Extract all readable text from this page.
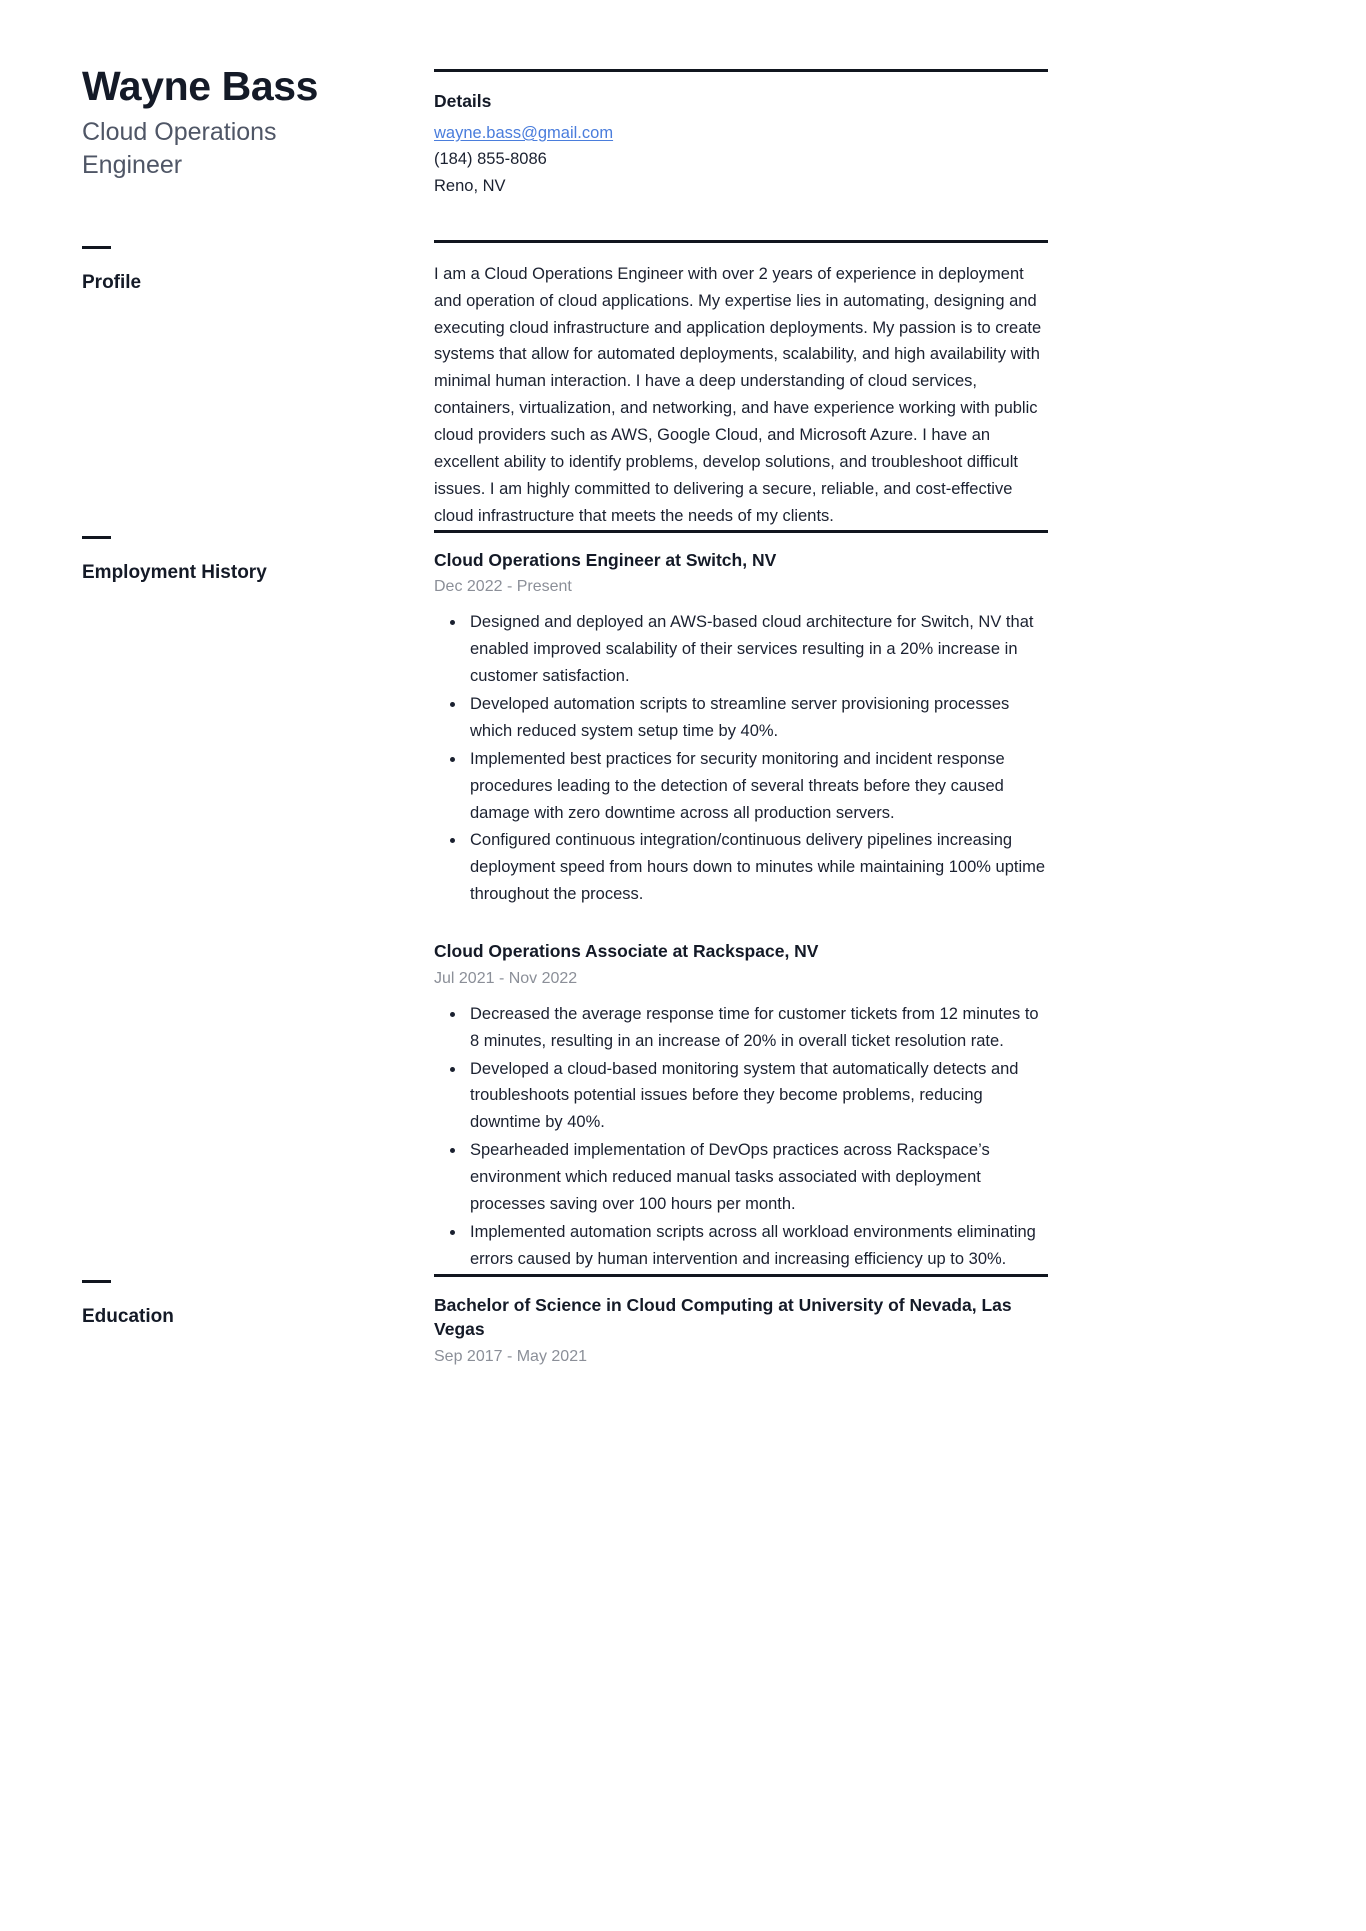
Wayne Bass

Cloud Operations Engineer

Details
wayne.bass@gmail.com
(184) 855-8086
Reno, NV
Profile	I am a Cloud Operations Engineer with over 2 years of experience in deployment and operation of cloud applications. My expertise lies in automating, designing and executing cloud infrastructure and application deployments. My passion is to create systems that allow for automated deployments, scalability, and high availability with minimal human interaction. I have a deep understanding of cloud services, containers, virtualization, and networking, and have experience working with public cloud providers such as AWS, Google Cloud, and Microsoft Azure. I have an excellent ability to identify problems, develop solutions, and troubleshoot difficult issues. I am highly committed to delivering a secure, reliable, and cost-effective cloud infrastructure that meets the needs of my clients.

Employment History
Cloud Operations Engineer at Switch, NV

Dec 2022 - Present

Designed and deployed an AWS-based cloud architecture for Switch, NV that enabled improved scalability of their services resulting in a 20% increase in customer satisfaction.
Developed automation scripts to streamline server provisioning processes which reduced system setup time by 40%.
Implemented best practices for security monitoring and incident response procedures leading to the detection of several threats before they caused damage with zero downtime across all production servers.
Configured continuous integration/continuous delivery pipelines increasing deployment speed from hours down to minutes while maintaining 100% uptime throughout the process.
Cloud Operations Associate at Rackspace, NV

Jul 2021 - Nov 2022

Decreased the average response time for customer tickets from 12 minutes to 8 minutes, resulting in an increase of 20% in overall ticket resolution rate.
Developed a cloud-based monitoring system that automatically detects and troubleshoots potential issues before they become problems, reducing downtime by 40%.
Spearheaded implementation of DevOps practices across Rackspace’s environment which reduced manual tasks associated with deployment processes saving over 100 hours per month.
Implemented automation scripts across all workload environments eliminating errors caused by human intervention and increasing efficiency up to 30%.
Education
Bachelor of Science in Cloud Computing at University of Nevada, Las Vegas

Sep 2017 - May 2021
